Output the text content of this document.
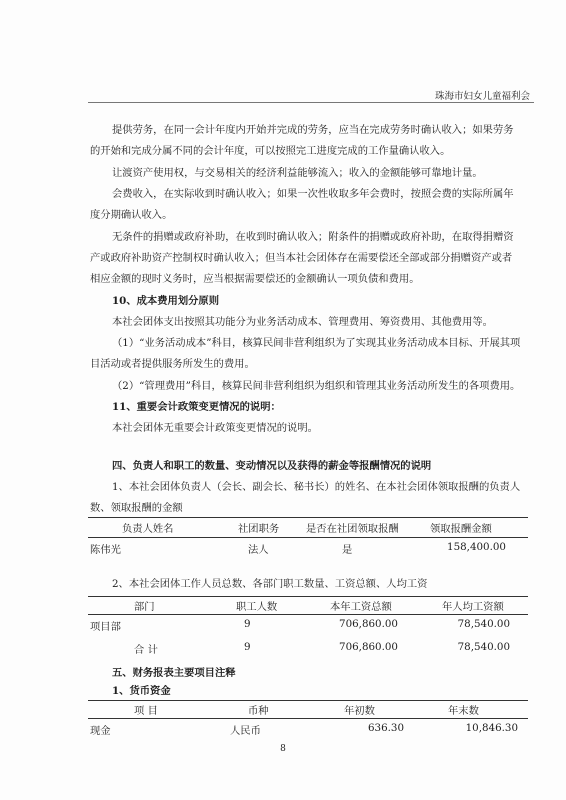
珠海市妇女儿童福利会
提供劳务，在同一会计年度内开始并完成的劳务，应当在完成劳务时确认收入；如果劳务
的开始和完成分属不同的会计年度，可以按照完工进度完成的工作量确认收入。
让渡资产使用权，与交易相关的经济利益能够流入；收入的金额能够可靠地计量。
会费收入，在实际收到时确认收入；如果一次性收取多年会费时，按照会费的实际所属年
度分期确认收入。
无条件的捐赠或政府补助，在收到时确认收入；附条件的捐赠或政府补助，在取得捐赠资
产或政府补助资产控制权时确认收入；但当本社会团体存在需要偿还全部或部分捐赠资产或者
相应金额的现时义务时，应当根据需要偿还的金额确认一项负债和费用。
10、成本费用划分原则
本社会团体支出按照其功能分为业务活动成本、管理费用、筹资费用、其他费用等。
（1）“业务活动成本”科目，核算民间非营利组织为了实现其业务活动成本目标、开展其项
目活动或者提供服务所发生的费用。
（2）“管理费用”科目，核算民间非营利组织为组织和管理其业务活动所发生的各项费用。
11、重要会计政策变更情况的说明：
本社会团体无重要会计政策变更情况的说明。
四、负责人和职工的数量、变动情况以及获得的薪金等报酬情况的说明
1、本社会团体负责人（会长、副会长、秘书长）的姓名、在本社会团体领取报酬的负责人
数、领取报酬的金额
负责人姓名	社团职务	是否在社团领取报酬	领取报酬金额
陈伟光	法人	是	158,400.00
2、本社会团体工作人员总数、各部门职工数量、工资总额、人均工资
部门	职工人数	本年工资总额	年人均工资额
项目部	9	706,860.00	78,540.00
合 计	9	706,860.00	78,540.00
五、财务报表主要项目注释
1、货币资金
项 目	币种	年初数	年末数
现金	人民币	636.30	10,846.30
8
